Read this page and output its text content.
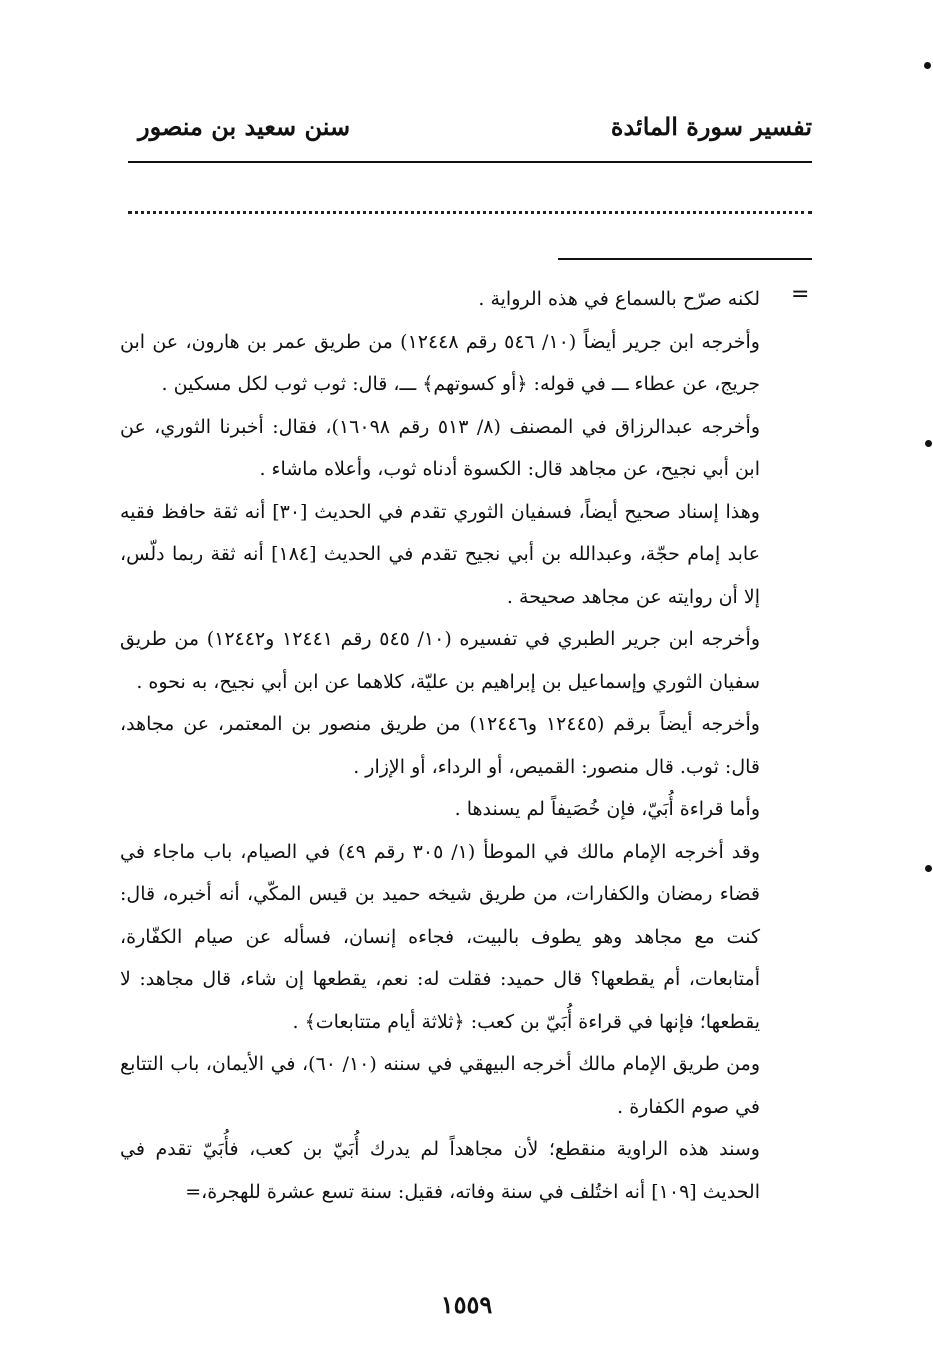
تفسير سورة المائدة
سنن سعيد بن منصور
=

لكنه صرّح بالسماع في هذه الرواية .

وأخرجه ابن جرير أيضاً (١٠/ ٥٤٦ رقم ١٢٤٤٨) من طريق عمر بن هارون، عن ابن جريج، عن عطاء ـــ في قوله: ﴿أو كسوتهم﴾ ـــ، قال: ثوب ثوب لكل مسكين .

وأخرجه عبدالرزاق في المصنف (٨/ ٥١٣ رقم ١٦٠٩٨)، فقال: أخبرنا الثوري، عن ابن أبي نجيح، عن مجاهد قال: الكسوة أدناه ثوب، وأعلاه ماشاء .

وهذا إسناد صحيح أيضاً، فسفيان الثوري تقدم في الحديث [٣٠] أنه ثقة حافظ فقيه عابد إمام حجّة، وعبدالله بن أبي نجيح تقدم في الحديث [١٨٤] أنه ثقة ربما دلّس، إلا أن روايته عن مجاهد صحيحة .

وأخرجه ابن جرير الطبري في تفسيره (١٠/ ٥٤٥ رقم ١٢٤٤١ و١٢٤٤٢) من طريق سفيان الثوري وإسماعيل بن إبراهيم بن عليّة، كلاهما عن ابن أبي نجيح، به نحوه .

وأخرجه أيضاً برقم (١٢٤٤٥ و١٢٤٤٦) من طريق منصور بن المعتمر، عن مجاهد، قال: ثوب. قال منصور: القميص، أو الرداء، أو الإزار .

وأما قراءة أُبَيّ، فإن خُصَيفاً لم يسندها .

وقد أخرجه الإمام مالك في الموطأ (١/ ٣٠٥ رقم ٤٩) في الصيام، باب ماجاء في قضاء رمضان والكفارات، من طريق شيخه حميد بن قيس المكّي، أنه أخبره، قال: كنت مع مجاهد وهو يطوف بالبيت، فجاءه إنسان، فسأله عن صيام الكفّارة، أمتابعات، أم يقطعها؟ قال حميد: فقلت له: نعم، يقطعها إن شاء، قال مجاهد: لا يقطعها؛ فإنها في قراءة أُبَيّ بن كعب: ﴿ثلاثة أيام متتابعات﴾ .

ومن طريق الإمام مالك أخرجه البيهقي في سننه (١٠/ ٦٠)، في الأيمان، باب التتابع في صوم الكفارة .

وسند هذه الراوية منقطع؛ لأن مجاهداً لم يدرك أُبَيّ بن كعب، فأُبَيّ تقدم في الحديث [١٠٩] أنه اختُلف في سنة وفاته، فقيل: سنة تسع عشرة للهجرة،=

١٥٥٩
